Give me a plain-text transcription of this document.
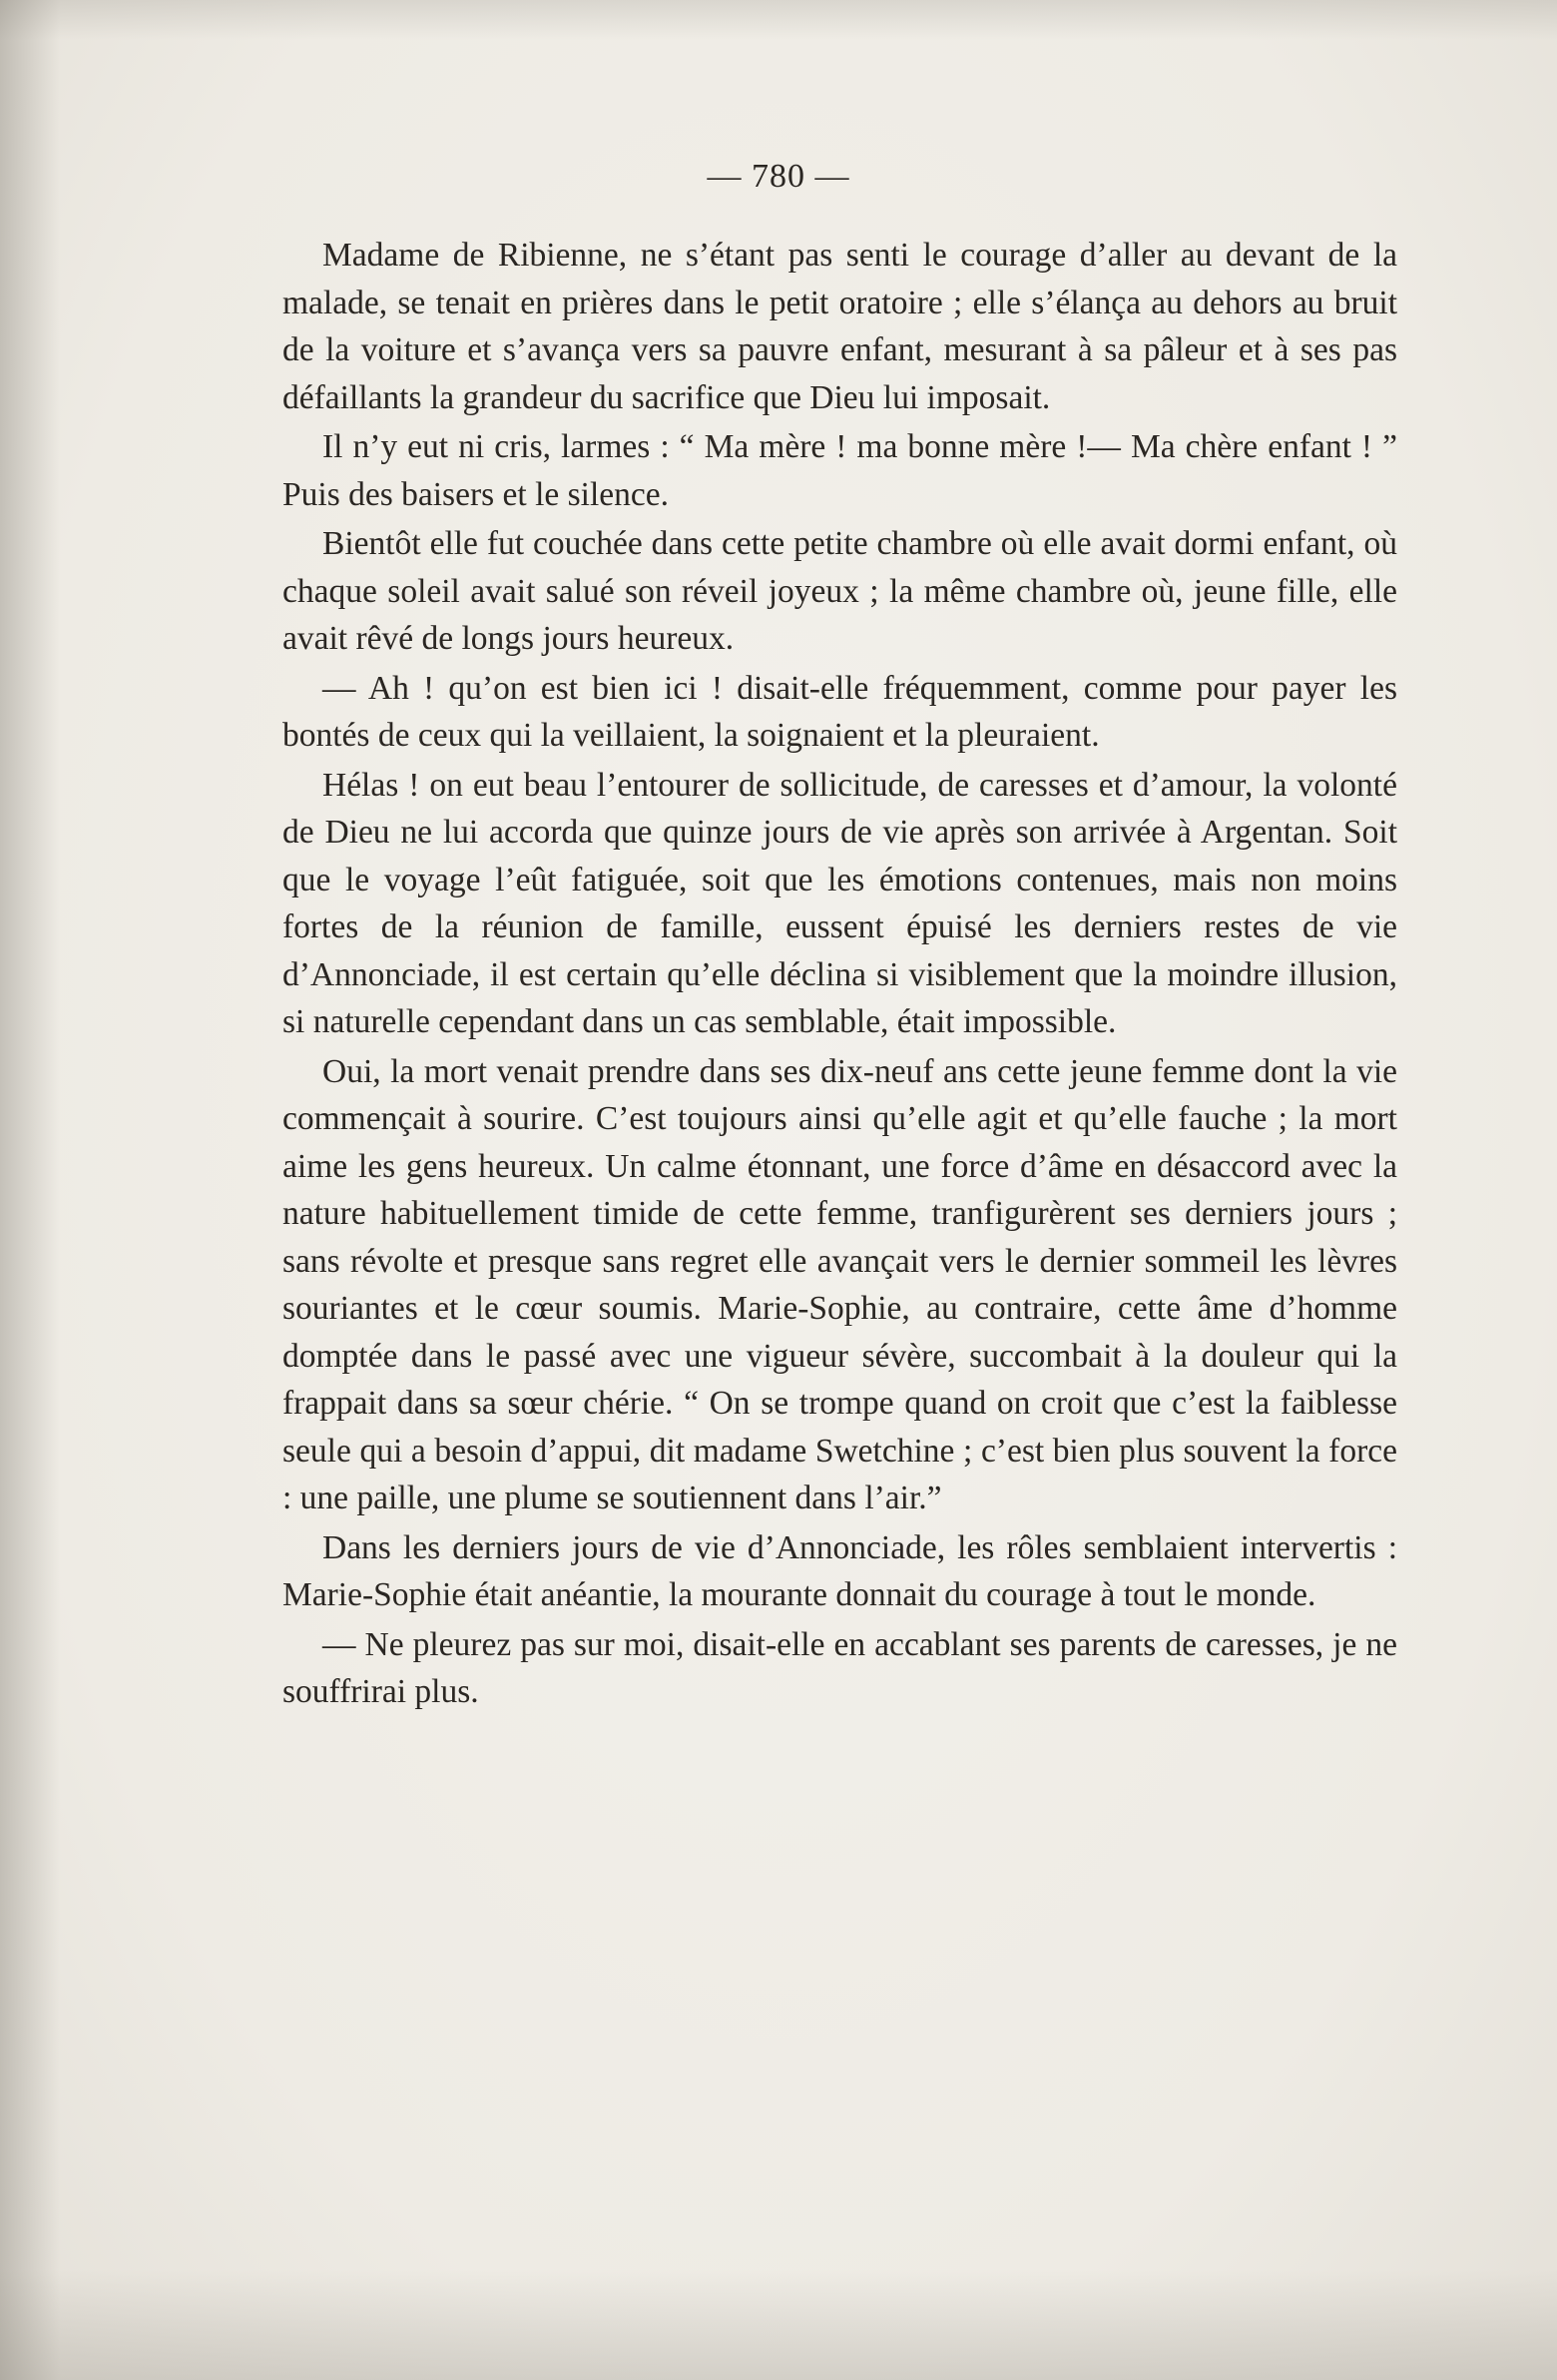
— 780 —

Madame de Ribienne, ne s’étant pas senti le courage d’aller au devant de la malade, se tenait en prières dans le petit oratoire ; elle s’élança au dehors au bruit de la voiture et s’avança vers sa pauvre enfant, mesurant à sa pâleur et à ses pas défaillants la grandeur du sacrifice que Dieu lui imposait.

Il n’y eut ni cris, larmes : “ Ma mère ! ma bonne mère !— Ma chère enfant ! ” Puis des baisers et le silence.

Bientôt elle fut couchée dans cette petite chambre où elle avait dormi enfant, où chaque soleil avait salué son réveil joyeux ; la même chambre où, jeune fille, elle avait rêvé de longs jours heureux.

— Ah ! qu’on est bien ici ! disait-elle fréquemment, comme pour payer les bontés de ceux qui la veillaient, la soignaient et la pleuraient.

Hélas ! on eut beau l’entourer de sollicitude, de caresses et d’amour, la volonté de Dieu ne lui accorda que quinze jours de vie après son arrivée à Argentan. Soit que le voyage l’eût fatiguée, soit que les émotions contenues, mais non moins fortes de la réunion de famille, eussent épuisé les derniers restes de vie d’Annonciade, il est certain qu’elle déclina si visiblement que la moindre illusion, si naturelle cependant dans un cas semblable, était impossible.

Oui, la mort venait prendre dans ses dix-neuf ans cette jeune femme dont la vie commençait à sourire. C’est toujours ainsi qu’elle agit et qu’elle fauche ; la mort aime les gens heureux. Un calme étonnant, une force d’âme en désaccord avec la nature habituellement timide de cette femme, tranfigurèrent ses derniers jours ; sans révolte et presque sans regret elle avançait vers le dernier sommeil les lèvres souriantes et le cœur soumis. Marie-Sophie, au contraire, cette âme d’homme domptée dans le passé avec une vigueur sévère, succombait à la douleur qui la frappait dans sa sœur chérie. “ On se trompe quand on croit que c’est la faiblesse seule qui a besoin d’appui, dit madame Swetchine ; c’est bien plus souvent la force : une paille, une plume se soutiennent dans l’air.”

Dans les derniers jours de vie d’Annonciade, les rôles semblaient intervertis : Marie-Sophie était anéantie, la mourante donnait du courage à tout le monde.

— Ne pleurez pas sur moi, disait-elle en accablant ses parents de caresses, je ne souffrirai plus.
